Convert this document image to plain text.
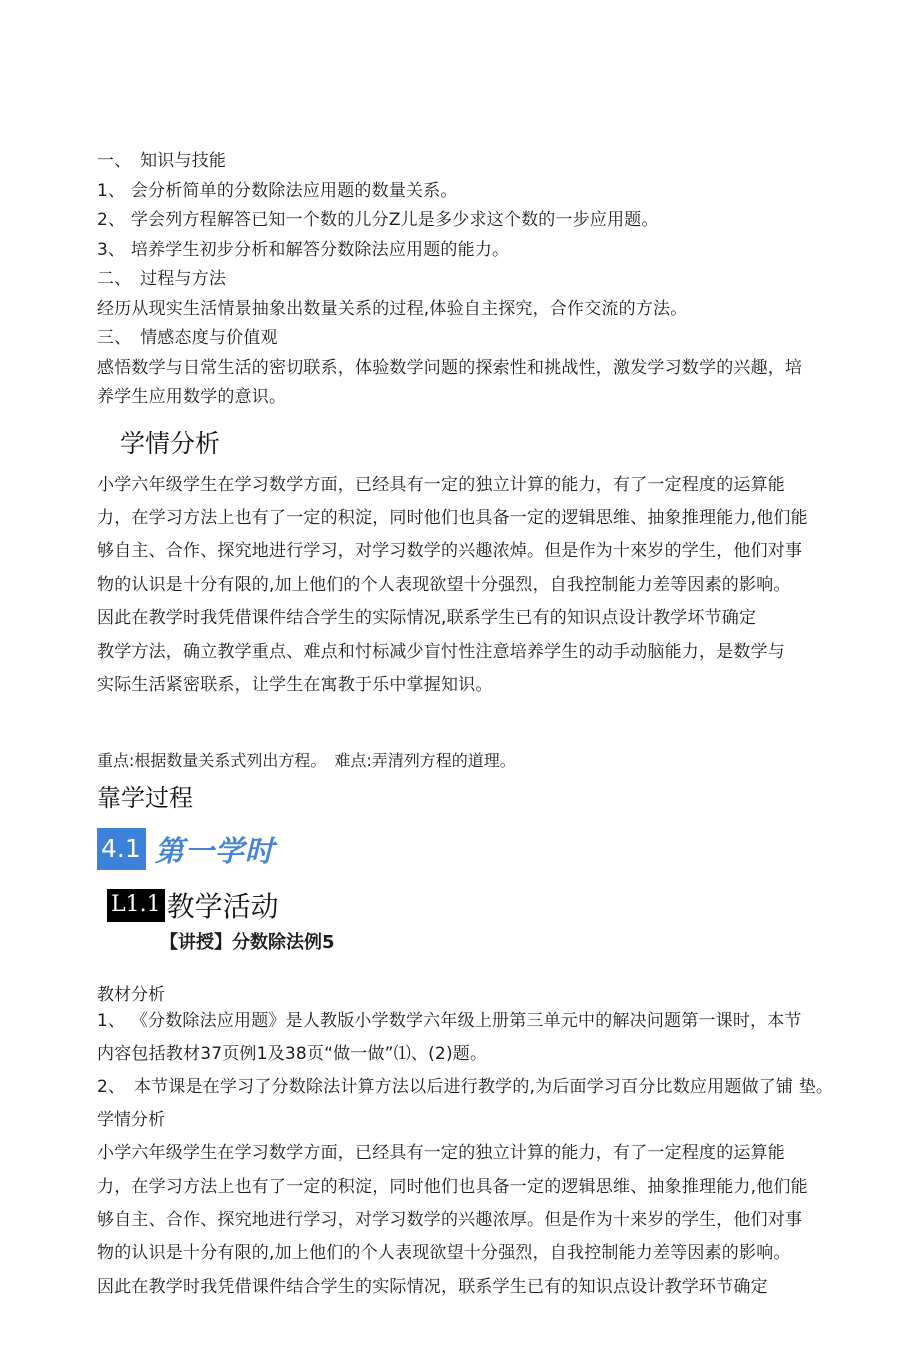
一、　知识与技能
1、 会分析简单的分数除法应用题的数量关系。
2、 学会列方程解答已知一个数的儿分Z儿是多少求这个数的一步应用题。
3、 培养学生初步分析和解答分数除法应用题的能力。
二、　过程与方法
经历从现实生活情景抽象出数量关系的过程,体验自主探究，合作交流的方法。
三、　情感态度与价值观
感悟数学与日常生活的密切联系，体验数学问题的探索性和挑战性，激发学习数学的兴趣，培
养学生应用数学的意识。
学情分析
小学六年级学生在学习数学方面，已经具有一定的独立计算的能力，有了一定程度的运算能
力，在学习方法上也有了一定的积淀，同时他们也具备一定的逻辑思维、抽象推理能力,他们能
够自主、合作、探究地进行学习，对学习数学的兴趣浓焯。但是作为十來岁的学生，他们对事
物的认识是十分有限的,加上他们的个人表现欲望十分强烈，自我控制能力差等因素的影响。
因此在教学时我凭借课件结合学生的实际情况,联系学生已有的知识点设计教学坏节确定
教学方法，确立教学重点、难点和忖标减少盲忖性注意培养学生的动手动脑能力，是数学与
实际生活紧密联系，让学生在寓教于乐中掌握知识。
重点:根据数量关系式列出方程。　难点:弄清列方程的道理。
靠学过程
4.1 第一学时
L1.1 教学活动
【讲授】分数除法例5
教材分析
1、 《分数除法应用题》是人教版小学数学六年级上册第三单元中的解决问题第一课时，本节
内容包括教材37页例1及38页“做一做”⑴、(2)题。
2、　本节课是在学习了分数除法计算方法以后进行教学的,为后面学习百分比数应用题做了铺 垫。
学情分析
小学六年级学生在学习数学方面，已经具有一定的独立计算的能力，有了一定程度的运算能
力，在学习方法上也有了一定的积淀，同时他们也具备一定的逻辑思维、抽象推理能力,他们能
够自主、合作、探究地进行学习，对学习数学的兴趣浓厚。但是作为十来岁的学生，他们对事
物的认识是十分有限的,加上他们的个人表现欲望十分强烈，自我控制能力差等因素的影响。
因此在教学时我凭借课件结合学生的实际情况，联系学生已有的知识点设计教学环节确定
